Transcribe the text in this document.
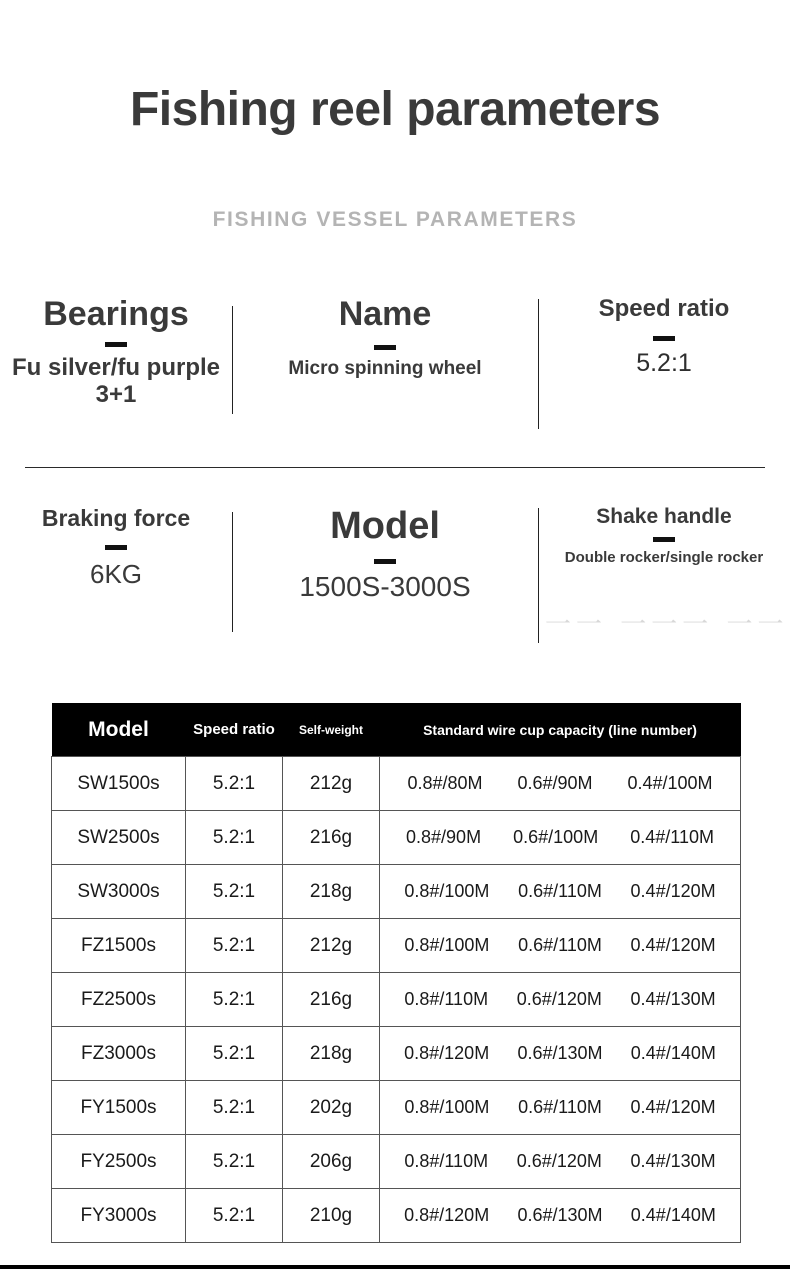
Fishing reel parameters
FISHING VESSEL PARAMETERS
Bearings
Fu silver/fu purple 3+1
Name
Micro spinning wheel
Speed ratio
5.2:1
Braking force
6KG
Model
1500S-3000S
Shake handle
Double rocker/single rocker
一一 一一一 一一
Model	Speed ratio	Self-weight	Standard wire cup capacity (line number)
SW1500s	5.2:1	212g	0.8#/80M 0.6#/90M 0.4#/100M

SW2500s	5.2:1	216g	0.8#/90M 0.6#/100M 0.4#/110M

SW3000s	5.2:1	218g	0.8#/100M 0.6#/110M 0.4#/120M

FZ1500s	5.2:1	212g	0.8#/100M 0.6#/110M 0.4#/120M

FZ2500s	5.2:1	216g	0.8#/110M 0.6#/120M 0.4#/130M

FZ3000s	5.2:1	218g	0.8#/120M 0.6#/130M 0.4#/140M

FY1500s	5.2:1	202g	0.8#/100M 0.6#/110M 0.4#/120M

FY2500s	5.2:1	206g	0.8#/110M 0.6#/120M 0.4#/130M

FY3000s	5.2:1	210g	0.8#/120M 0.6#/130M 0.4#/140M
